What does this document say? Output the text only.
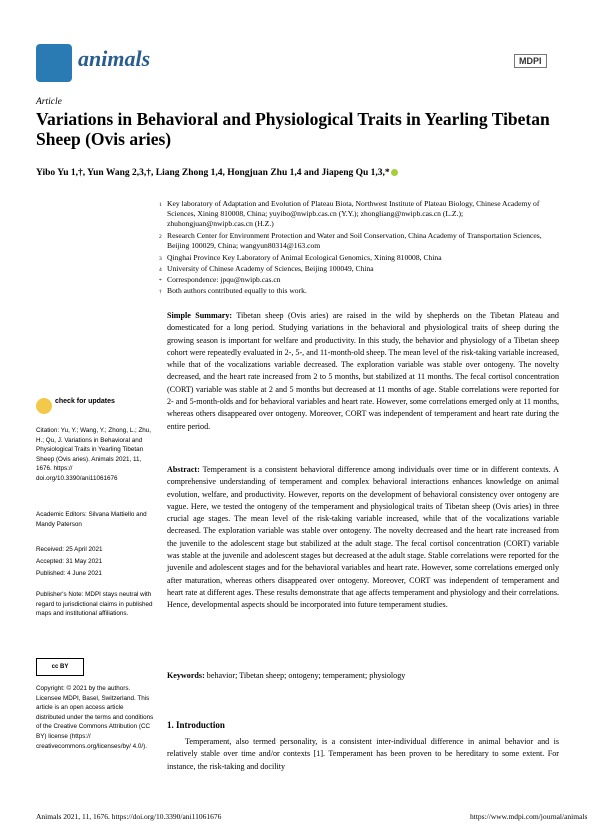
animals	MDPI
Article
Variations in Behavioral and Physiological Traits in Yearling Tibetan Sheep (Ovis aries)
Yibo Yu 1,†, Yun Wang 2,3,†, Liang Zhong 1,4, Hongjuan Zhu 1,4 and Jiapeng Qu 1,3,*
1 Key laboratory of Adaptation and Evolution of Plateau Biota, Northwest Institute of Plateau Biology, Chinese Academy of Sciences, Xining 810008, China; yuyibo@nwipb.cas.cn (Y.Y.); zhongliang@nwipb.cas.cn (L.Z.); zhuhongjuan@nwipb.cas.cn (H.Z.)
2 Research Center for Environment Protection and Water and Soil Conservation, China Academy of Transportation Sciences, Beijing 100029, China; wangyun80314@163.com
3 Qinghai Province Key Laboratory of Animal Ecological Genomics, Xining 810008, China
4 University of Chinese Academy of Sciences, Beijing 100049, China
* Correspondence: jpqu@nwipb.cas.cn
† Both authors contributed equally to this work.
Simple Summary: Tibetan sheep (Ovis aries) are raised in the wild by shepherds on the Tibetan Plateau and domesticated for a long period. Studying variations in the behavioral and physiological traits of sheep during the growing season is important for welfare and productivity. In this study, the behavior and physiology of a Tibetan sheep cohort were repeatedly evaluated in 2-, 5-, and 11-month-old sheep. The mean level of the risk-taking variable increased, while that of the vocalizations variable decreased. The exploration variable was stable over ontogeny. The novelty decreased, and the heart rate increased from 2 to 5 months, but stabilized at 11 months. The fecal cortisol concentration (CORT) variable was stable at 2 and 5 months but decreased at 11 months of age. Stable correlations were reported for 2- and 5-month-olds and for behavioral variables and heart rate. However, some correlations emerged only at 11 months, whereas others disappeared over ontogeny. Moreover, CORT was independent of temperament and heart rate during the entire period.
Abstract: Temperament is a consistent behavioral difference among individuals over time or in different contexts. A comprehensive understanding of temperament and complex behavioral interactions enhances knowledge on animal evolution, welfare, and productivity. However, reports on the development of behavioral consistency over ontogeny are vague. Here, we tested the ontogeny of the temperament and physiological traits of Tibetan sheep (Ovis aries) in three crucial age stages. The mean level of the risk-taking variable increased, while that of the vocalizations variable decreased. The exploration variable was stable over ontogeny. The novelty decreased and the heart rate increased from the juvenile to the adolescent stage but stabilized at the adult stage. The fecal cortisol concentration (CORT) variable was stable at the juvenile and adolescent stages but decreased at the adult stage. Stable correlations were reported for the juvenile and adolescent stages and for the behavioral variables and heart rate. However, some correlations emerged only after maturation, whereas others disappeared over ontogeny. Moreover, CORT was independent of temperament and heart rate at different ages. These results demonstrate that age affects temperament and physiology and their correlations. Hence, developmental aspects should be incorporated into future temperament studies.
Keywords: behavior; Tibetan sheep; ontogeny; temperament; physiology
1. Introduction
Temperament, also termed personality, is a consistent inter-individual difference in animal behavior and is relatively stable over time and/or contexts [1]. Temperament has been proven to be hereditary to some extent. For instance, the risk-taking and docility
check for updates
Citation: Yu, Y.; Wang, Y.; Zhong, L.; Zhu, H.; Qu, J. Variations in Behavioral and Physiological Traits in Yearling Tibetan Sheep (Ovis aries). Animals 2021, 11, 1676. https:// doi.org/10.3390/ani11061676
Academic Editors: Silvana Mattiello and Mandy Paterson
Received: 25 April 2021
Accepted: 31 May 2021
Published: 4 June 2021
Publisher's Note: MDPI stays neutral with regard to jurisdictional claims in published maps and institutional affiliations.
cc BY
Copyright: © 2021 by the authors. Licensee MDPI, Basel, Switzerland. This article is an open access article distributed under the terms and conditions of the Creative Commons Attribution (CC BY) license (https:// creativecommons.org/licenses/by/ 4.0/).
Animals 2021, 11, 1676. https://doi.org/10.3390/ani11061676	https://www.mdpi.com/journal/animals
